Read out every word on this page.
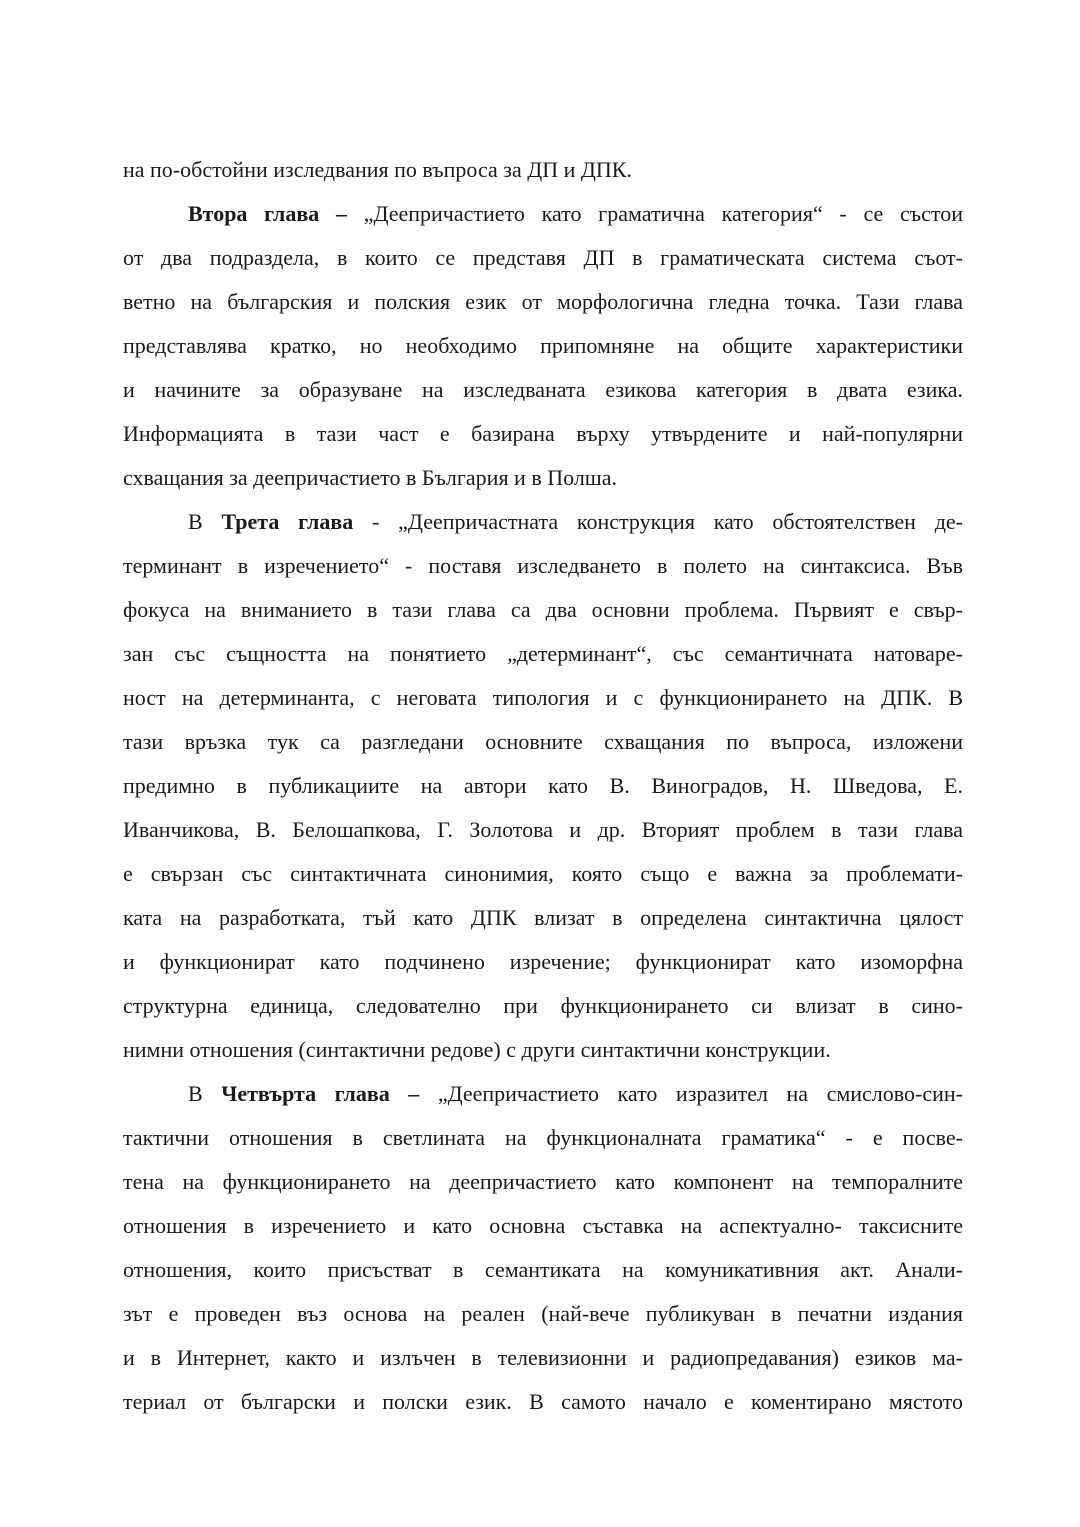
на по-обстойни изследвания по въпроса за ДП и ДПК.
Втора глава – „Деепричастието като граматична категория“ - се състои
от два подраздела, в които се представя ДП в граматическата система съот-
ветно на българския и полския език от морфологична гледна точка. Тази глава
представлява кратко, но необходимо припомняне на общите характеристики
и начините за образуване на изследваната езикова категория в двата езика.
Информацията в тази част е базирана върху утвърдените и най-популярни
схващания за деепричастието в България и в Полша.
В Трета глава - „Деепричастната конструкция като обстоятелствен де-
терминант в изречението“ - поставя изследването в полето на синтаксиса. Във
фокуса на вниманието в тази глава са два основни проблема. Първият е свър-
зан със същността на понятието „детерминант“, със семантичната натоваре-
ност на детерминанта, с неговата типология и с функционирането на ДПК. В
тази връзка тук са разгледани основните схващания по въпроса, изложени
предимно в публикациите на автори като В. Виноградов, Н. Шведова, Е.
Иванчикова, В. Белошапкова, Г. Золотова и др. Вторият проблем в тази глава
е свързан със синтактичната синонимия, която също е важна за проблемати-
ката на разработката, тъй като ДПК влизат в определена синтактична цялост
и функционират като подчинено изречение; функционират като изоморфна
структурна единица, следователно при функционирането си влизат в сино-
нимни отношения (синтактични редове) с други синтактични конструкции.
В Четвърта глава – „Деепричастието като изразител на смислово-син-
тактични отношения в светлината на функционалната граматика“ - е посве-
тена на функционирането на деепричастието като компонент на темпоралните
отношения в изречението и като основна съставка на аспектуално- таксисните
отношения, които присъстват в семантиката на комуникативния акт. Анали-
зът е проведен въз основа на реален (най-вече публикуван в печатни издания
и в Интернет, както и излъчен в телевизионни и радиопредавания) езиков ма-
териал от български и полски език. В самото начало е коментирано мястото
